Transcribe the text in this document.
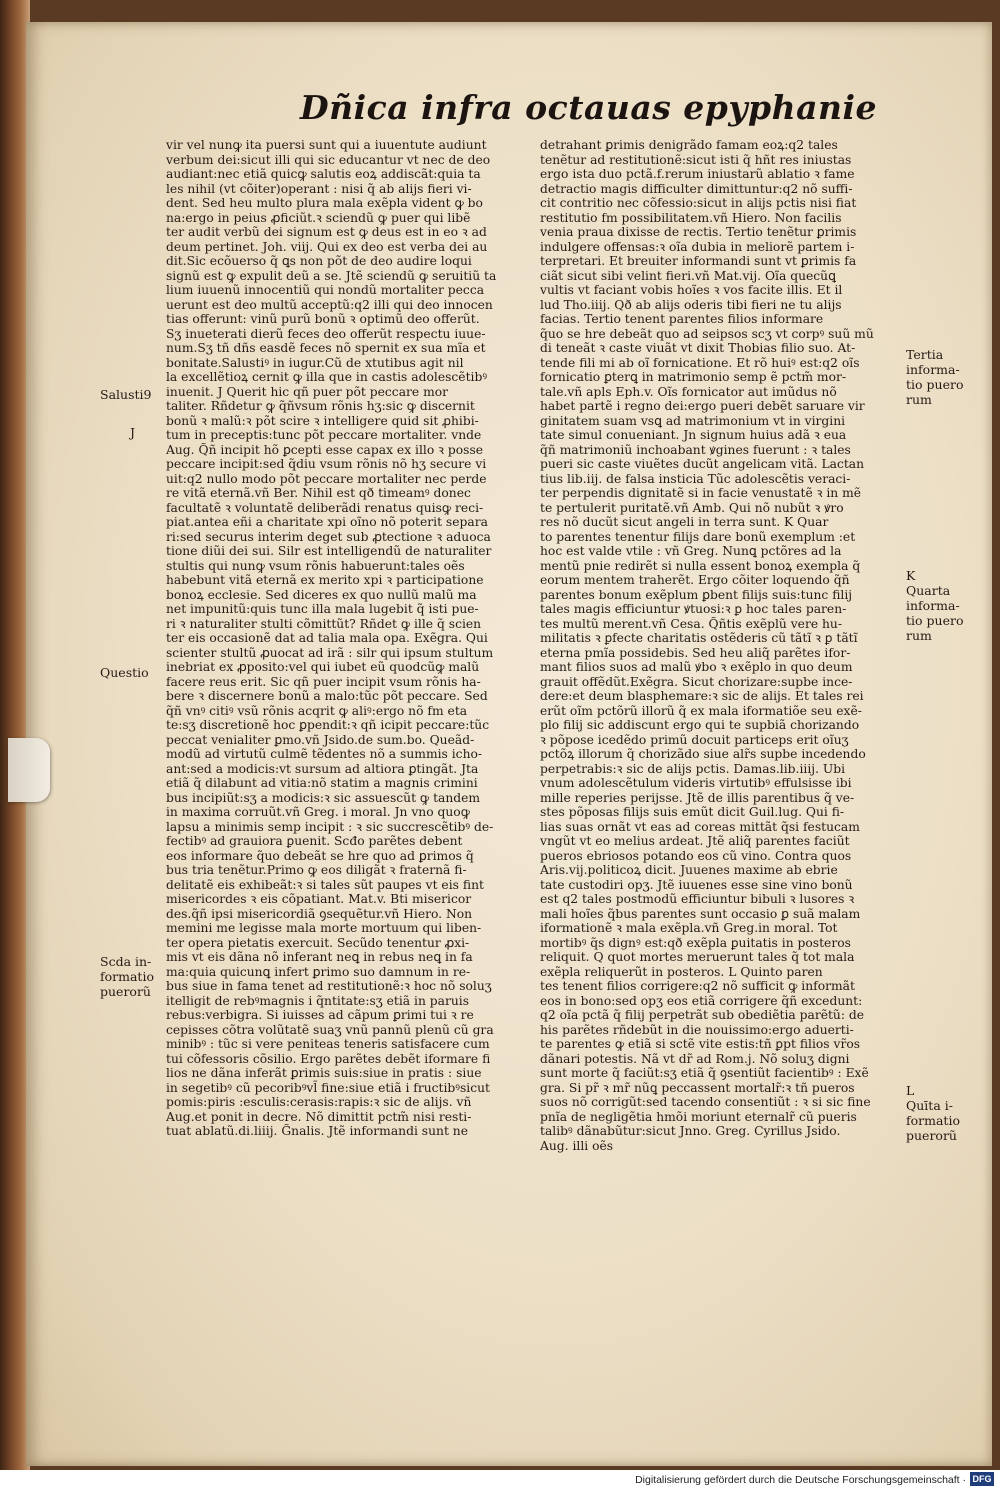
Dñica infra octauas epyphanie
vir vel nunꝙ ita puersi sunt qui a iuuentute audiunt
verbum dei:sicut illi qui sic educantur vt nec de deo
audiant:nec etiã quicꝙ salutis eoꝝ addiscãt:quia ta
les nihil (vt cõiter)operant : nisi q̃ ab alijs fieri vi-
dent. Sed heu multo plura mala exẽpla vident ꝙ bo
na:ergo in peius ꝓficiũt.ꝛ sciendũ ꝙ puer qui libẽ
ter audit verbũ dei signum est ꝙ deus est in eo ꝛ ad
deum pertinet. Joh. viij. Qui ex deo est verba dei au
dit.Sic ecõuerso q̃ ꝗs non põt de deo audire loqui
signũ est ꝙ expulit deũ a se. Jtẽ sciendũ ꝙ seruitiũ ta
lium iuuenũ innocentiũ qui nondũ mortaliter pecca
uerunt est deo multũ acceptũ:q2 illi qui deo innocen
tias offerunt: vinũ purũ bonũ ꝛ optimũ deo offerũt.
Sʒ inueterati dierũ feces deo offerũt respectu iuue-
num.Sʒ tñ dñs easdẽ feces nõ spernit ex sua mĩa et
bonitate.Salustiꝰ in iugur.Cũ de xtutibus agit nil
la excellẽtioꝝ cernit ꝙ illa que in castis adolescẽtibꝰ
inuenit. J Querit hic qñ puer põt peccare mor
taliter. Rñdetur ꝙ q̃ñvsum rõnis hʒ:sic ꝙ discernit
bonũ ꝛ malũ:ꝛ põt scire ꝛ intelligere quid sit ꝓhibi-
tum in preceptis:tunc põt peccare mortaliter. vnde
Aug. Q̃ñ incipit hõ ꝑcepti esse capax ex illo ꝛ posse
peccare incipit:sed q̃diu vsum rõnis nõ hʒ secure vi
uit:q2 nullo modo põt peccare mortaliter nec perde
re vitã eternã.vñ Ber. Nihil est qð timeamꝰ donec
facultatẽ ꝛ voluntatẽ deliberãdi renatus quisꝙ reci-
piat.antea eñi a charitate xpi oĩno nõ poterit separa
ri:sed securus interim deget sub ꝓtectione ꝛ aduoca
tione diũi dei sui. Silr est intelligendũ de naturaliter
stultis qui nunꝙ vsum rõnis habuerunt:tales oẽs
habebunt vitã eternã ex merito xpi ꝛ participatione
bonoꝝ ecclesie. Sed diceres ex quo nullũ malũ ma
net impunitũ:quis tunc illa mala lugebit q̃ isti pue-
ri ꝛ naturaliter stulti cõmittũt? Rñdet ꝙ ille q̃ scien
ter eis occasionẽ dat ad talia mala opa. Exẽgra. Qui
scienter stultũ ꝓuocat ad irã : silr qui ipsum stultum
inebriat ex ꝓposito:vel qui iubet eũ quodcũꝙ malũ
facere reus erit. Sic qñ puer incipit vsum rõnis ha-
bere ꝛ discernere bonũ a malo:tũc põt peccare. Sed
q̃ñ vnꝰ citiꝰ vsũ rõnis acqrit ꝙ aliꝰ:ergo nõ fm eta
te:sʒ discretionẽ hoc ꝑpendit:ꝛ qñ icipit peccare:tũc
peccat venialiter ꝑmo.vñ Jsido.de sum.bo. Queãd-
modũ ad virtutũ culmẽ tẽdentes nõ a summis icho-
ant:sed a modicis:vt sursum ad altiora ꝑtingãt. Jta
etiã q̃ dilabunt ad vitia:nõ statim a magnis crimini
bus incipiũt:sʒ a modicis:ꝛ sic assuescũt ꝙ tandem
in maxima corruũt.vñ Greg. i moral. Jn vno quoꝙ
lapsu a minimis semp incipit : ꝛ sic succrescẽtibꝰ de-
fectibꝰ ad grauiora ꝑuenit. Scđo parẽtes debent
eos informare q̃uo debeãt se hre quo ad ꝑrimos q̃
bus tria tenẽtur.Primo ꝙ eos diligãt ꝛ fraternã fi-
delitatẽ eis exhibeãt:ꝛ si tales sũt paupes vt eis fint
misericordes ꝛ eis cõpatiant. Mat.v. Bti misericor
des.q̃ñ ipsi misericordiã ꝯsequẽtur.vñ Hiero. Non
memini me legisse mala morte mortuum qui liben-
ter opera pietatis exercuit. Secũdo tenentur ꝓxi-
mis vt eis dãna nõ inferant neꝗ in rebus neꝗ in fa
ma:quia quicunꝗ infert ꝑrimo suo damnum in re-
bus siue in fama tenet ad restitutionẽ:ꝛ hoc nõ soluʒ
itelligit de rebꝰmagnis i q̃ntitate:sʒ etiã in paruis
rebus:verbigra. Si iuisses ad cãpum ꝑrimi tui ꝛ re
cepisses cõtra volũtatẽ suaʒ vnũ pannũ plenũ cũ gra
minibꝰ : tũc si vere peniteas teneris satisfacere cum
tui cõfessoris cõsilio. Ergo parẽtes debẽt iformare fi
lios ne dãna inferãt ꝑrimis suis:siue in pratis : siue
in segetibꝰ cũ pecoribꝰvl̃ fine:siue etiã i fructibꝰsicut
pomis:piris :esculis:cerasis:rapis:ꝛ sic de alijs. vñ
Aug.et ponit in decre. Nõ dimittit pctm̃ nisi resti-
tuat ablatũ.di.liiij. G̃nalis. Jtẽ informandi sunt ne
detrahant ꝑrimis denigrãdo famam eoꝝ:q2 tales
tenẽtur ad restitutionẽ:sicut isti q̃ hñt res iniustas
ergo ista duo pctã.f.rerum iniustarũ ablatio ꝛ fame
detractio magis difficulter dimittuntur:q2 nõ suffi-
cit contritio nec cõfessio:sicut in alijs pctis nisi fiat
restitutio fm possibilitatem.vñ Hiero. Non facilis
venia praua dixisse de rectis. Tertio tenẽtur ꝑrimis
indulgere offensas:ꝛ oĩa dubia in meliorẽ partem i-
terpretari. Et breuiter informandi sunt vt ꝑrimis fa
ciãt sicut sibi velint fieri.vñ Mat.vij. Oĩa quecũꝗ
vultis vt faciant vobis hoĩes ꝛ vos facite illis. Et il
lud Tho.iiij. Qð ab alijs oderis tibi fieri ne tu alijs
facias. Tertio tenent parentes filios informare
q̃uo se hre debeãt quo ad seipsos scʒ vt corpꝰ suũ mũ
di teneãt ꝛ caste viuãt vt dixit Thobias filio suo. At-
tende fili mi ab oĩ fornicatione. Et rõ huiꝰ est:q2 oĩs
fornicatio ꝑterꝗ in matrimonio semp ẽ pctm̃ mor-
tale.vñ apls Eph.v. Oĩs fornicator aut imũdus nõ
habet partẽ i regno dei:ergo pueri debẽt saruare vir
ginitatem suam vsꝗ ad matrimonium vt in virgini
tate simul conueniant. Jn signum huius adã ꝛ eua
q̃ñ matrimoniũ inchoabant ꝟgines fuerunt : ꝛ tales
pueri sic caste viuẽtes ducũt angelicam vitã. Lactan
tius lib.iij. de falsa insticia Tũc adolescẽtis veraci-
ter perpendis dignitatẽ si in facie venustatẽ ꝛ in mẽ
te pertulerit puritatẽ.vñ Amb. Qui nõ nubũt ꝛ ꝟro
res nõ ducũt sicut angeli in terra sunt. K Quar
to parentes tenentur filijs dare bonũ exemplum :et
hoc est valde vtile : vñ Greg. Nunꝗ pctõres ad la
mentũ pnie redirẽt si nulla essent bonoꝝ exempla q̃
eorum mentem traherẽt. Ergo cõiter loquendo q̃ñ
parentes bonum exẽplum ꝑbent filijs suis:tunc filij
tales magis efficiuntur ꝟtuosi:ꝛ ꝑ hoc tales paren-
tes multũ merent.vñ Cesa. Q̃ñtis exẽplũ vere hu-
militatis ꝛ ꝑfecte charitatis ostẽderis cũ tãtĩ ꝛ ꝑ tãtĩ
eterna pmĩa possidebis. Sed heu aliq̃ parẽtes ifor-
mant filios suos ad malũ ꝟbo ꝛ exẽplo in quo deum
grauit offẽdũt.Exẽgra. Sicut chorizare:supbe ince-
dere:et deum blasphemare:ꝛ sic de alijs. Et tales rei
erũt oĩm pctõrũ illorũ q̃ ex mala iformatiõe seu exẽ-
plo filij sic addiscunt ergo qui te supbiã chorizando
ꝛ põpose icedẽdo primũ docuit particeps erit oĩuʒ
pctõꝝ illorum q̃ chorizãdo siue alr̃s supbe incedendo
perpetrabis:ꝛ sic de alijs pctis. Damas.lib.iiij. Ubi
vnum adolescẽtulum videris virtutibꝰ effulsisse ibi
mille reperies perijsse. Jtẽ de illis parentibus q̃ ve-
stes põposas filijs suis emũt dicit Guil.lug. Qui fi-
lias suas ornãt vt eas ad coreas mittãt q̃si festucam
vngũt vt eo melius ardeat. Jtẽ aliq̃ parentes faciũt
pueros ebriosos potando eos cũ vino. Contra quos
Aris.vij.politicoꝝ dicit. Juuenes maxime ab ebrie
tate custodiri opʒ. Jtẽ iuuenes esse sine vino bonũ
est q2 tales postmodũ efficiuntur bibuli ꝛ lusores ꝛ
mali hoĩes q̃bus parentes sunt occasio ꝑ suã malam
iformationẽ ꝛ mala exẽpla.vñ Greg.in moral. Tot
mortibꝰ q̃s dignꝰ est:qð exẽpla ꝑuitatis in posteros
reliquit. Q quot mortes meruerunt tales q̃ tot mala
exẽpla reliquerũt in posteros. L Quinto paren
tes tenent filios corrigere:q2 nõ sufficit ꝙ informãt
eos in bono:sed opʒ eos etiã corrigere q̃ñ excedunt:
q2 oĩa pctã q̃ filij perpetrãt sub obediẽtia parẽtũ: de
his parẽtes rñdebũt in die nouissimo:ergo aduerti-
te parentes ꝙ etiã si sctẽ vite estis:tñ ꝑpt filios vr̃os
dãnari potestis. Nã vt dr̃ ad Rom.j. Nõ soluʒ digni
sunt morte q̃ faciũt:sʒ etiã q̃ ꝯsentiũt facientibꝰ : Exẽ
gra. Si pr̃ ꝛ mr̃ nũꝗ peccassent mortalr̃:ꝛ tñ pueros
suos nõ corrigũt:sed tacendo consentiũt : ꝛ si sic fine
pnĩa de negligẽtia hmõi moriunt eternalr̃ cũ pueris
talibꝰ dãnabũtur:sicut Jnno. Greg. Cyrillus Jsido.
Aug. illi oẽs
Salusti9
J
Questio
Scda in-
formatio
puerorũ
Tertia
informa-
tio puero
rum
K
Quarta
informa-
tio puero
rum
L
Quīta i-
formatio
puerorũ
Digitalisierung gefördert durch die Deutsche Forschungsgemeinschaft · DFG
